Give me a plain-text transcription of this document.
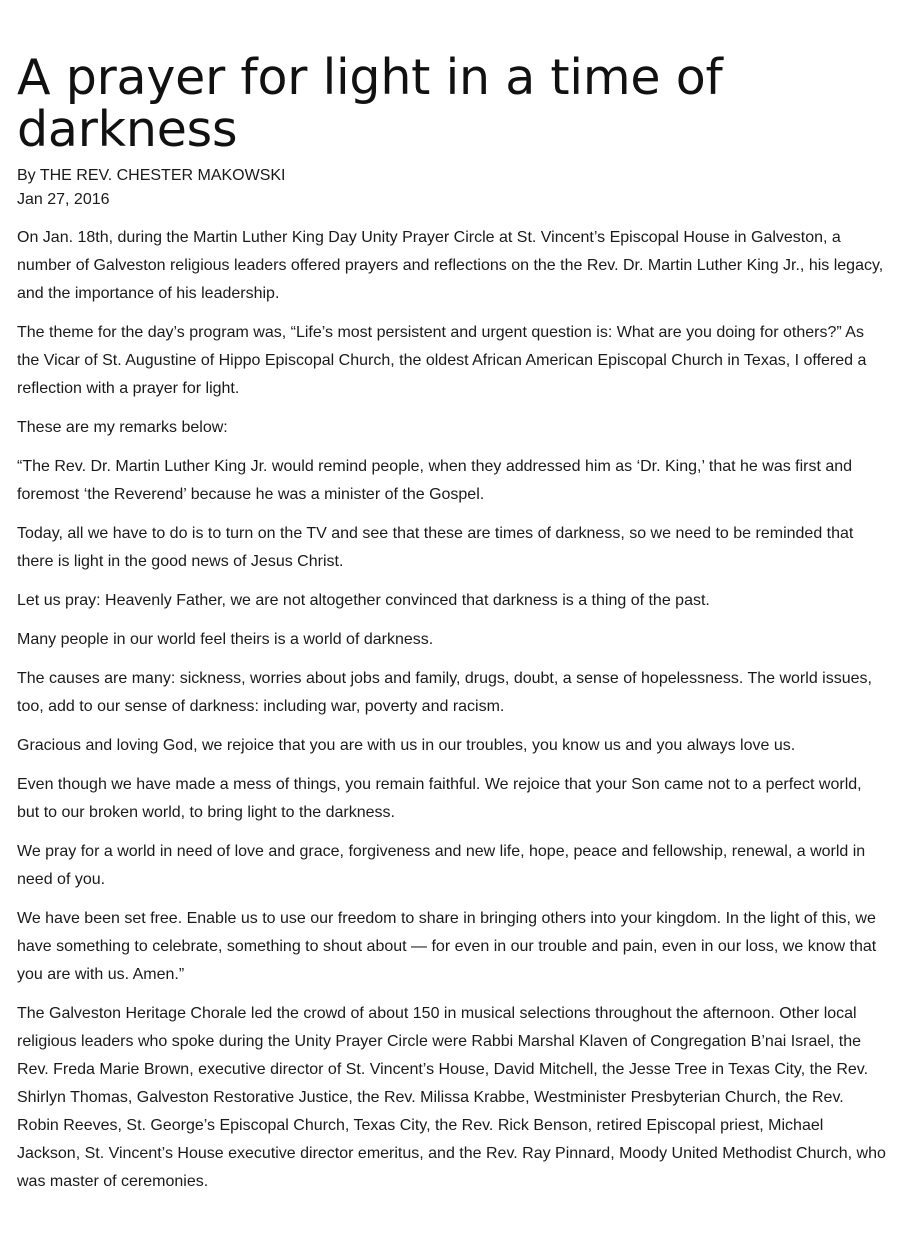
A prayer for light in a time of darkness
By THE REV. CHESTER MAKOWSKI
Jan 27, 2016

On Jan. 18th, during the Martin Luther King Day Unity Prayer Circle at St. Vincent’s Episcopal House in Galveston, a number of Galveston religious leaders offered prayers and reflections on the the Rev. Dr. Martin Luther King Jr., his legacy, and the importance of his leadership.

The theme for the day’s program was, “Life’s most persistent and urgent question is: What are you doing for others?” As the Vicar of St. Augustine of Hippo Episcopal Church, the oldest African American Episcopal Church in Texas, I offered a reflection with a prayer for light.

These are my remarks below:

“The Rev. Dr. Martin Luther King Jr. would remind people, when they addressed him as ‘Dr. King,’ that he was first and foremost ‘the Reverend’ because he was a minister of the Gospel.

Today, all we have to do is to turn on the TV and see that these are times of darkness, so we need to be reminded that there is light in the good news of Jesus Christ.

Let us pray: Heavenly Father, we are not altogether convinced that darkness is a thing of the past.

Many people in our world feel theirs is a world of darkness.

The causes are many: sickness, worries about jobs and family, drugs, doubt, a sense of hopelessness. The world issues, too, add to our sense of darkness: including war, poverty and racism.

Gracious and loving God, we rejoice that you are with us in our troubles, you know us and you always love us.

Even though we have made a mess of things, you remain faithful. We rejoice that your Son came not to a perfect world, but to our broken world, to bring light to the darkness.

We pray for a world in need of love and grace, forgiveness and new life, hope, peace and fellowship, renewal, a world in need of you.

We have been set free. Enable us to use our freedom to share in bringing others into your kingdom. In the light of this, we have something to celebrate, something to shout about — for even in our trouble and pain, even in our loss, we know that you are with us. Amen.”

The Galveston Heritage Chorale led the crowd of about 150 in musical selections throughout the afternoon. Other local religious leaders who spoke during the Unity Prayer Circle were Rabbi Marshal Klaven of Congregation B’nai Israel, the Rev. Freda Marie Brown, executive director of St. Vincent’s House, David Mitchell, the Jesse Tree in Texas City, the Rev. Shirlyn Thomas, Galveston Restorative Justice, the Rev. Milissa Krabbe, Westminister Presbyterian Church, the Rev. Robin Reeves, St. George’s Episcopal Church, Texas City, the Rev. Rick Benson, retired Episcopal priest, Michael Jackson, St. Vincent’s House executive director emeritus, and the Rev. Ray Pinnard, Moody United Methodist Church, who was master of ceremonies.
